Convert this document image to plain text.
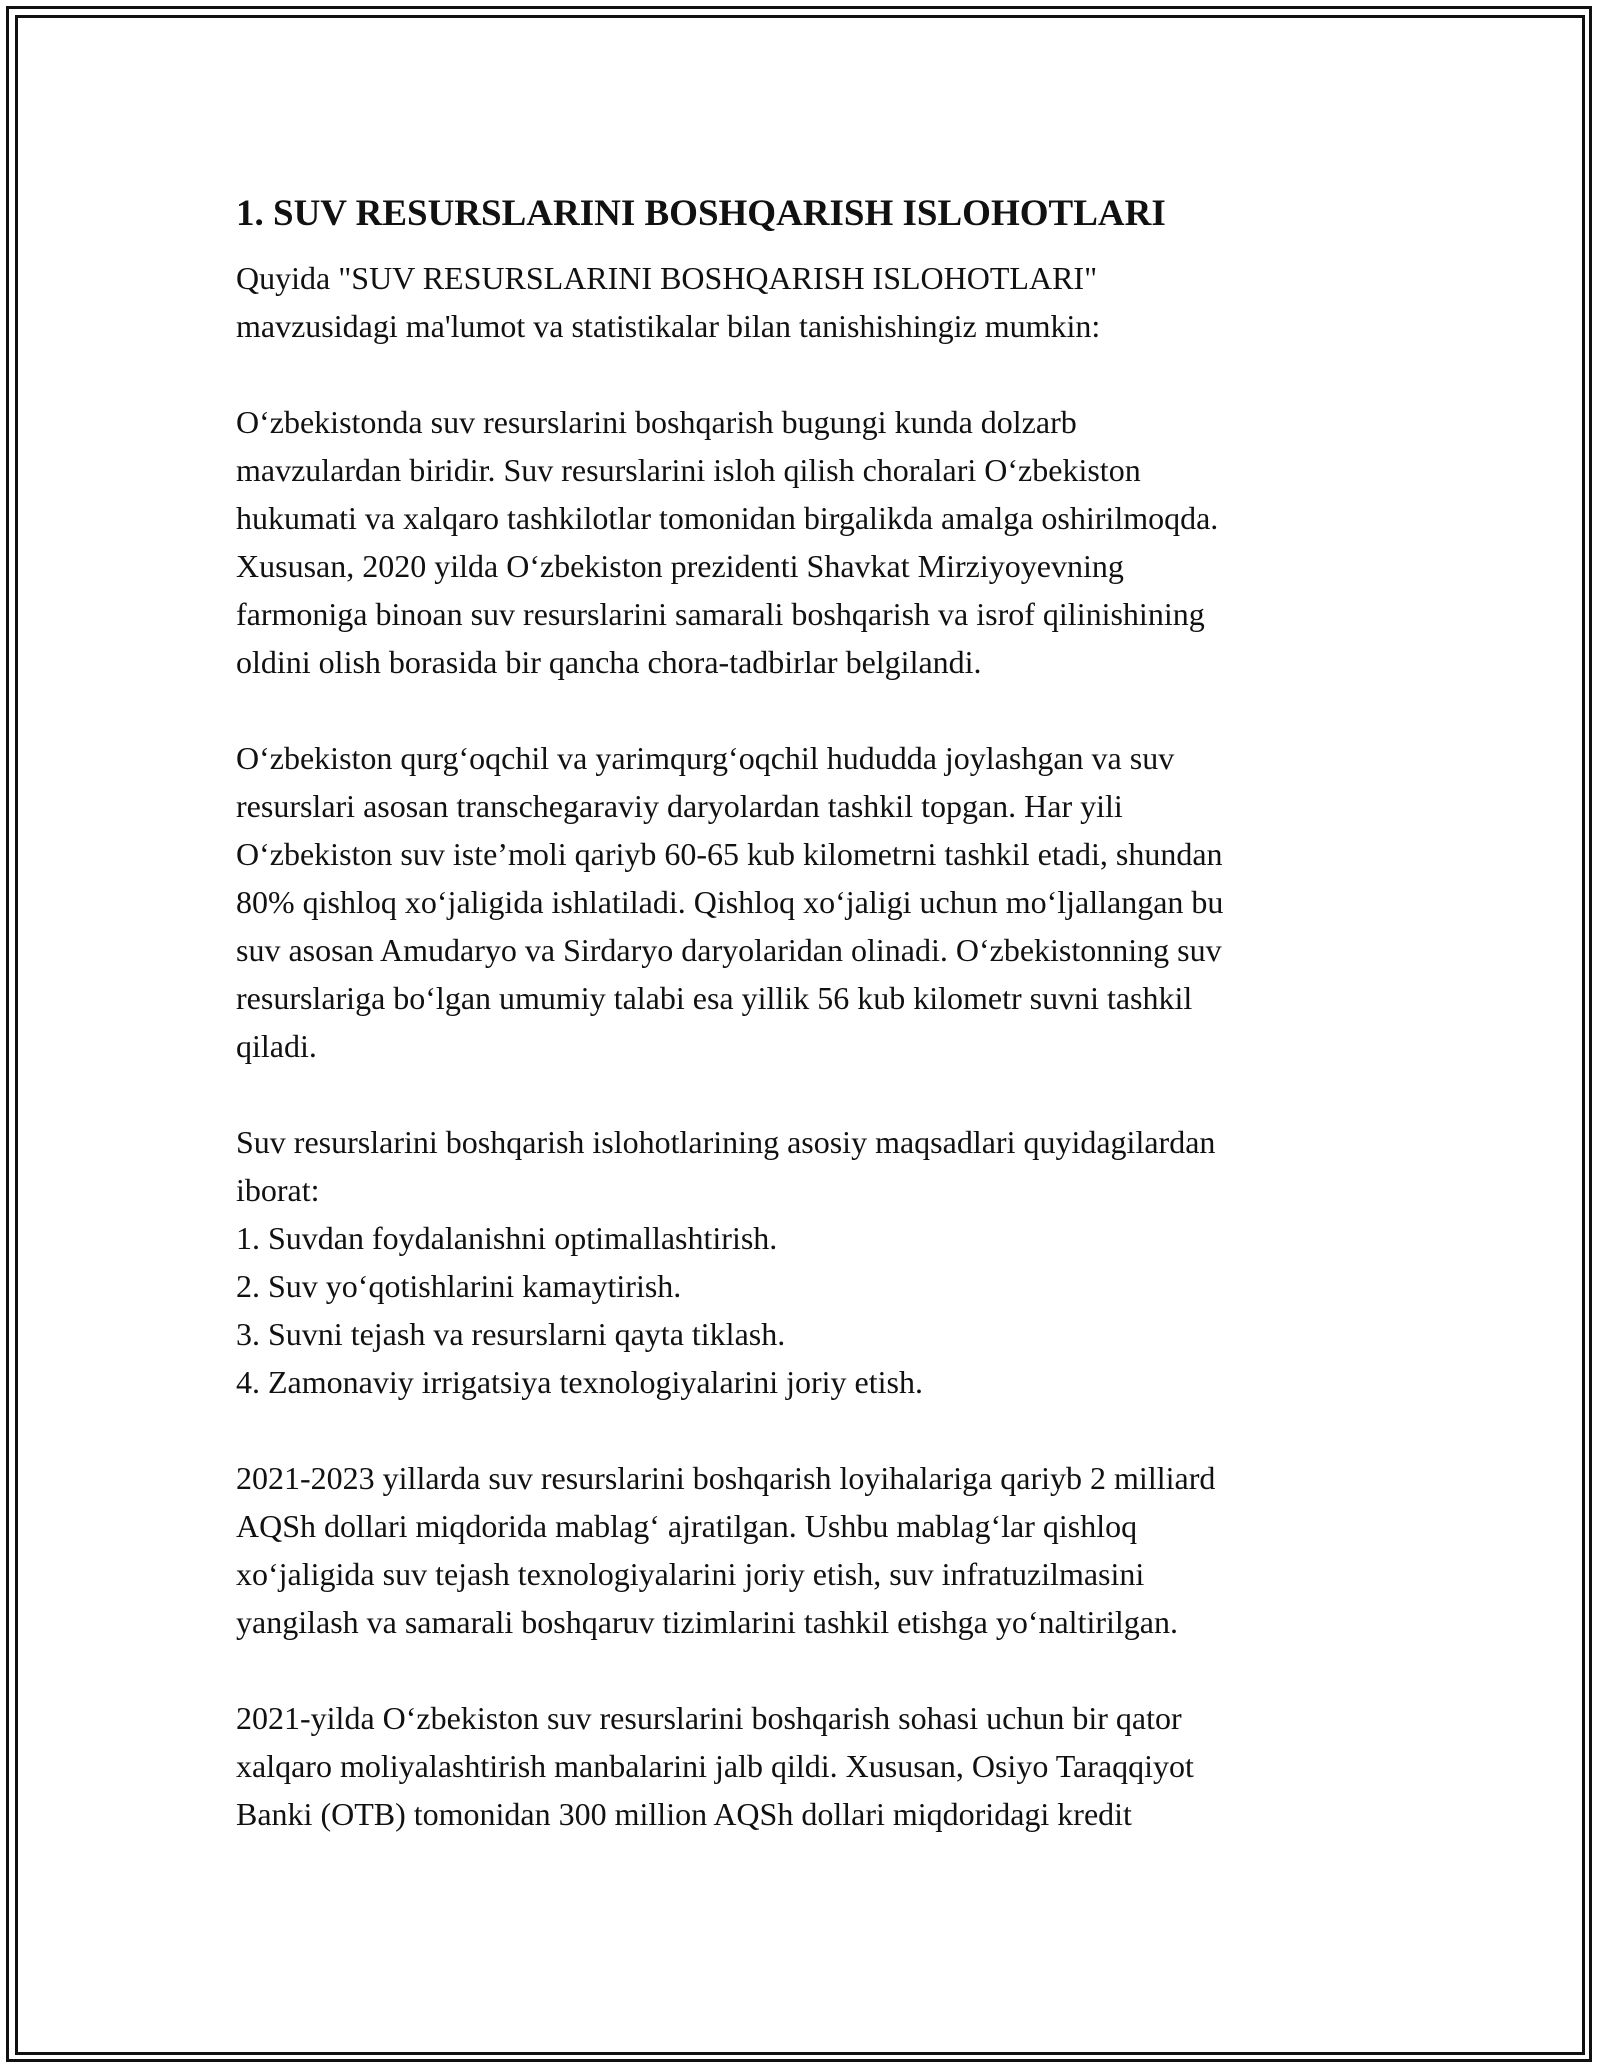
1. SUV RESURSLARINI BOSHQARISH ISLOHOTLARI
Quyida "SUV RESURSLARINI BOSHQARISH ISLOHOTLARI"
mavzusidagi ma'lumot va statistikalar bilan tanishishingiz mumkin:
O‘zbekistonda suv resurslarini boshqarish bugungi kunda dolzarb
mavzulardan biridir. Suv resurslarini isloh qilish choralari O‘zbekiston
hukumati va xalqaro tashkilotlar tomonidan birgalikda amalga oshirilmoqda.
Xususan, 2020 yilda O‘zbekiston prezidenti Shavkat Mirziyoyevning
farmoniga binoan suv resurslarini samarali boshqarish va isrof qilinishining
oldini olish borasida bir qancha chora-tadbirlar belgilandi.
O‘zbekiston qurg‘oqchil va yarimqurg‘oqchil hududda joylashgan va suv
resurslari asosan transchegaraviy daryolardan tashkil topgan. Har yili
O‘zbekiston suv iste’moli qariyb 60-65 kub kilometrni tashkil etadi, shundan
80% qishloq xo‘jaligida ishlatiladi. Qishloq xo‘jaligi uchun mo‘ljallangan bu
suv asosan Amudaryo va Sirdaryo daryolaridan olinadi. O‘zbekistonning suv
resurslariga bo‘lgan umumiy talabi esa yillik 56 kub kilometr suvni tashkil
qiladi.
Suv resurslarini boshqarish islohotlarining asosiy maqsadlari quyidagilardan
iborat:
1. Suvdan foydalanishni optimallashtirish.
2. Suv yo‘qotishlarini kamaytirish.
3. Suvni tejash va resurslarni qayta tiklash.
4. Zamonaviy irrigatsiya texnologiyalarini joriy etish.
2021-2023 yillarda suv resurslarini boshqarish loyihalariga qariyb 2 milliard
AQSh dollari miqdorida mablag‘ ajratilgan. Ushbu mablag‘lar qishloq
xo‘jaligida suv tejash texnologiyalarini joriy etish, suv infratuzilmasini
yangilash va samarali boshqaruv tizimlarini tashkil etishga yo‘naltirilgan.
2021-yilda O‘zbekiston suv resurslarini boshqarish sohasi uchun bir qator
xalqaro moliyalashtirish manbalarini jalb qildi. Xususan, Osiyo Taraqqiyot
Banki (OTB) tomonidan 300 million AQSh dollari miqdoridagi kredit
